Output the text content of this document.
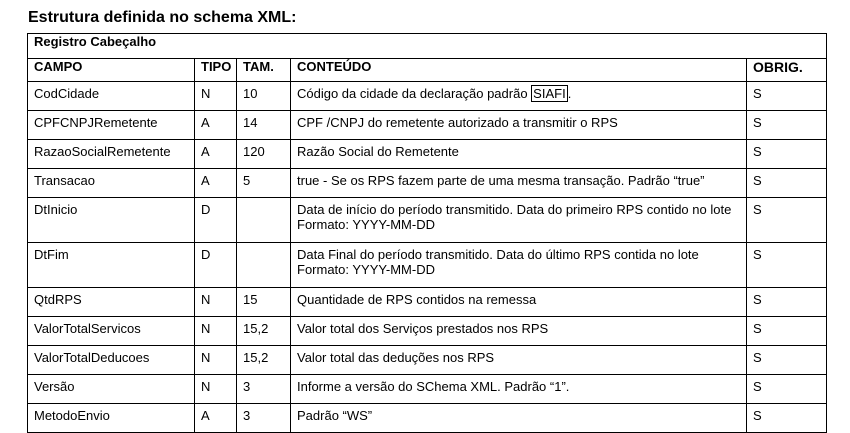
Estrutura definida no schema XML:
Registro Cabeçalho				
CAMPO	TIPO	TAM.	CONTEÚDO	OBRIG.
CodCidade	N	10	Código da cidade da declaração padrão SIAFI .	S
CPFCNPJRemetente	A	14	CPF /CNPJ do remetente autorizado a transmitir o RPS	S
RazaoSocialRemetente	A	120	Razão Social do Remetente	S
Transacao	A	5	true - Se os RPS fazem parte de uma mesma transação. Padrão “true”	S
DtInicio	D		Data de início do período transmitido. Data do primeiro RPS contido no lote Formato: YYYY-MM-DD	S
DtFim	D		Data Final do período transmitido. Data do último RPS contida no lote Formato: YYYY-MM-DD	S
QtdRPS	N	15	Quantidade de RPS contidos na remessa	S
ValorTotalServicos	N	15,2	Valor total dos Serviços prestados nos RPS	S
ValorTotalDeducoes	N	15,2	Valor total das deduções nos RPS	S
Versão	N	3	Informe a versão do SChema XML. Padrão “1”.	S
MetodoEnvio	A	3	Padrão “WS”	S
